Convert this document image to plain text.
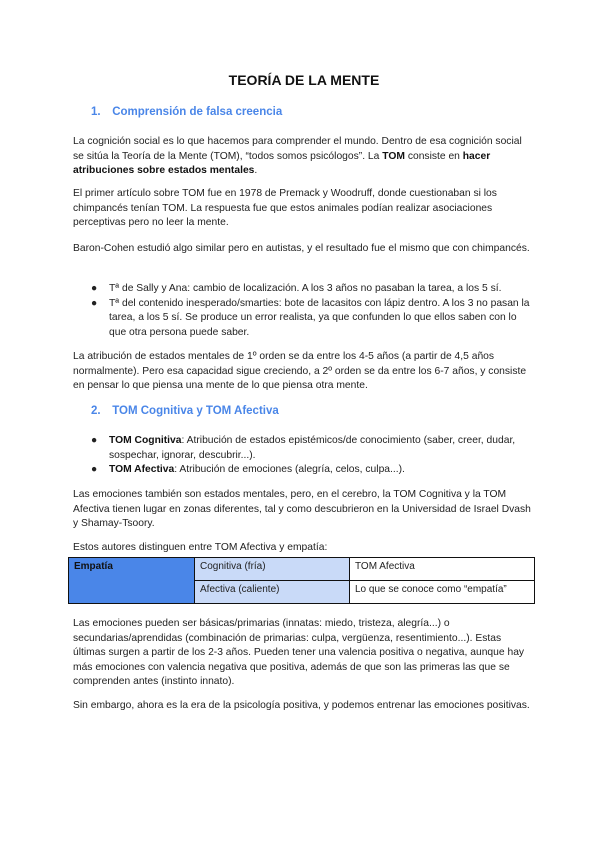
TEORÍA DE LA MENTE
1. Comprensión de falsa creencia

La cognición social es lo que hacemos para comprender el mundo. Dentro de esa cognición social se sitúa la Teoría de la Mente (TOM), “todos somos psicólogos”. La TOM consiste en hacer atribuciones sobre estados mentales.

El primer artículo sobre TOM fue en 1978 de Premack y Woodruff, donde cuestionaban si los chimpancés tenían TOM. La respuesta fue que estos animales podían realizar asociaciones perceptivas pero no leer la mente.

Baron-Cohen estudió algo similar pero en autistas, y el resultado fue el mismo que con chimpancés.

● Tª de Sally y Ana: cambio de localización. A los 3 años no pasaban la tarea, a los 5 sí.
● Tª del contenido inesperado/smarties: bote de lacasitos con lápiz dentro. A los 3 no pasan la tarea, a los 5 sí. Se produce un error realista, ya que confunden lo que ellos saben con lo que otra persona puede saber.

La atribución de estados mentales de 1º orden se da entre los 4-5 años (a partir de 4,5 años normalmente). Pero esa capacidad sigue creciendo, a 2º orden se da entre los 6-7 años, y consiste en pensar lo que piensa una mente de lo que piensa otra mente.

2. TOM Cognitiva y TOM Afectiva
● TOM Cognitiva: Atribución de estados epistémicos/de conocimiento (saber, creer, dudar, sospechar, ignorar, descubrir...).
● TOM Afectiva: Atribución de emociones (alegría, celos, culpa...).

Las emociones también son estados mentales, pero, en el cerebro, la TOM Cognitiva y la TOM Afectiva tienen lugar en zonas diferentes, tal y como descubrieron en la Universidad de Israel Dvash y Shamay-Tsoory.

Estos autores distinguen entre TOM Afectiva y empatía:

Empatía	Cognitiva (fría)	TOM Afectiva
	Afectiva (caliente)	Lo que se conoce como “empatía”

Las emociones pueden ser básicas/primarias (innatas: miedo, tristeza, alegría...) o secundarias/aprendidas (combinación de primarias: culpa, vergüenza, resentimiento...). Estas últimas surgen a partir de los 2-3 años. Pueden tener una valencia positiva o negativa, aunque hay más emociones con valencia negativa que positiva, además de que son las primeras las que se comprenden antes (instinto innato).

Sin embargo, ahora es la era de la psicología positiva, y podemos entrenar las emociones positivas.
